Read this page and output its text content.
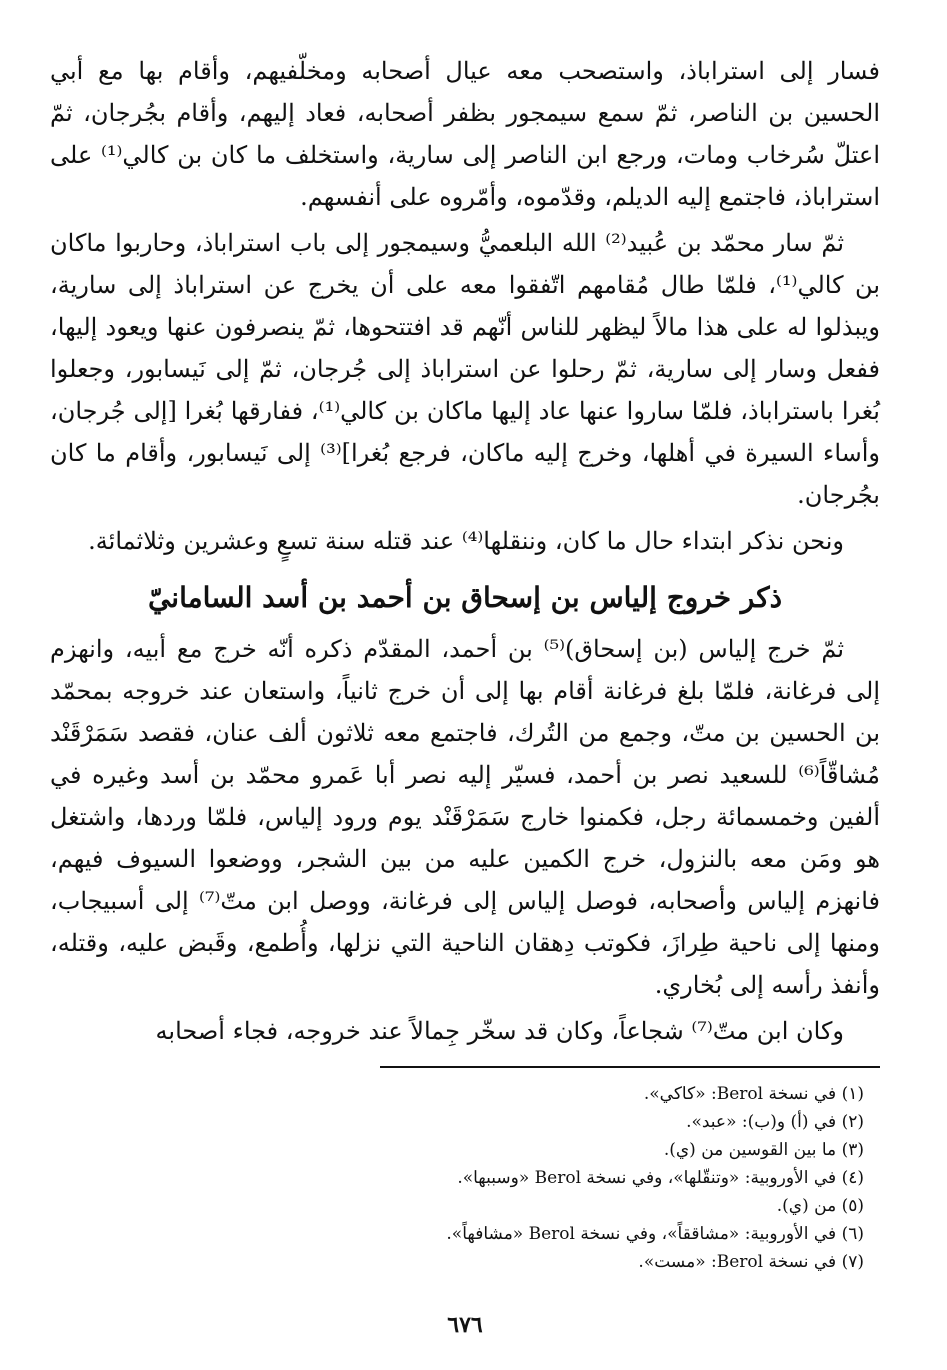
فسار إلى استراباذ، واستصحب معه عيال أصحابه ومخلّفيهم، وأقام بها مع أبي الحسين بن الناصر، ثمّ سمع سيمجور بظفر أصحابه، فعاد إليهم، وأقام بجُرجان، ثمّ اعتلّ سُرخاب ومات، ورجع ابن الناصر إلى سارية، واستخلف ما كان بن كالي⁽¹⁾ على استراباذ، فاجتمع إليه الديلم، وقدّموه، وأمّروه على أنفسهم.

ثمّ سار محمّد بن عُبيد⁽²⁾ الله البلعميُّ وسيمجور إلى باب استراباذ، وحاربوا ماكان بن كالي⁽¹⁾، فلمّا طال مُقامهم اتّفقوا معه على أن يخرج عن استراباذ إلى سارية، ويبذلوا له على هذا مالاً ليظهر للناس أنّهم قد افتتحوها، ثمّ ينصرفون عنها ويعود إليها، ففعل وسار إلى سارية، ثمّ رحلوا عن استراباذ إلى جُرجان، ثمّ إلى نَيسابور، وجعلوا بُغرا باستراباذ، فلمّا ساروا عنها عاد إليها ماكان بن كالي⁽¹⁾، ففارقها بُغرا [إلى جُرجان، وأساء السيرة في أهلها، وخرج إليه ماكان، فرجع بُغرا]⁽³⁾ إلى نَيسابور، وأقام ما كان بجُرجان.

ونحن نذكر ابتداء حال ما كان، وننقلها⁽⁴⁾ عند قتله سنة تسعٍ وعشرين وثلاثمائة.

ذكر خروج إلياس بن إسحاق بن أحمد بن أسد السامانيّ

ثمّ خرج إلياس (بن إسحاق)⁽⁵⁾ بن أحمد، المقدّم ذكره أنّه خرج مع أبيه، وانهزم إلى فرغانة، فلمّا بلغ فرغانة أقام بها إلى أن خرج ثانياً، واستعان عند خروجه بمحمّد بن الحسين بن متّ، وجمع من التُرك، فاجتمع معه ثلاثون ألف عنان، فقصد سَمَرْقَنْد مُشاقّاً⁽⁶⁾ للسعيد نصر بن أحمد، فسيّر إليه نصر أبا عَمرو محمّد بن أسد وغيره في ألفين وخمسمائة رجل، فكمنوا خارج سَمَرْقَنْد يوم ورود إلياس، فلمّا وردها، واشتغل هو ومَن معه بالنزول، خرج الكمين عليه من بين الشجر، ووضعوا السيوف فيهم، فانهزم إلياس وأصحابه، فوصل إلياس إلى فرغانة، ووصل ابن متّ⁽⁷⁾ إلى أسبيجاب، ومنها إلى ناحية طِرازَ، فكوتب دِهقان الناحية التي نزلها، وأُطمع، وقَبض عليه، وقتله، وأنفذ رأسه إلى بُخاري.

وكان ابن متّ⁽⁷⁾ شجاعاً، وكان قد سخّر جِمالاً عند خروجه، فجاء أصحابه

(١) في نسخة Berol: «كاكي».
(٢) في (أ) و(ب): «عبد».
(٣) ما بين القوسين من (ي).
(٤) في الأوروبية: «وتنقّلها»، وفي نسخة Berol «وسببها».
(٥) من (ي).
(٦) في الأوروبية: «مشاققاً»، وفي نسخة Berol «مشافهاً».
(٧) في نسخة Berol: «مست».
٦٧٦
